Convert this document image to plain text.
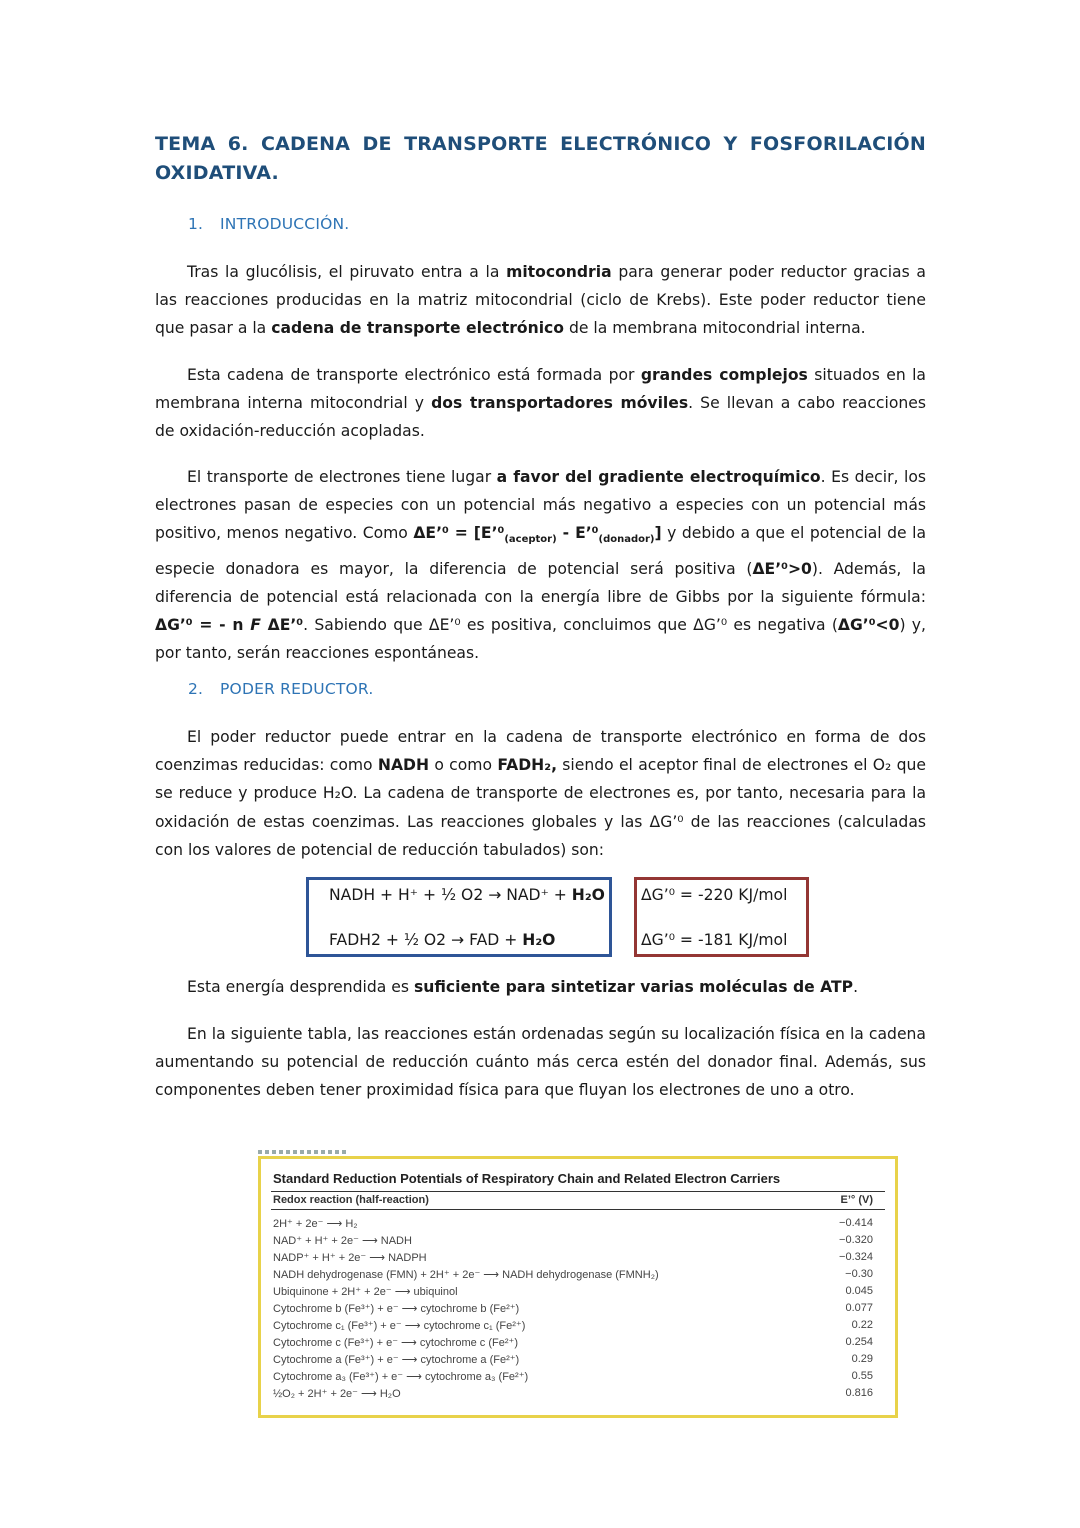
TEMA 6. CADENA DE TRANSPORTE ELECTRÓNICO Y FOSFORILACIÓN
OXIDATIVA.
1. INTRODUCCIÓN.
Tras la glucólisis, el piruvato entra a la mitocondria para generar poder reductor gracias a las reacciones producidas en la matriz mitocondrial (ciclo de Krebs). Este poder reductor tiene que pasar a la cadena de transporte electrónico de la membrana mitocondrial interna.
Esta cadena de transporte electrónico está formada por grandes complejos situados en la membrana interna mitocondrial y dos transportadores móviles. Se llevan a cabo reacciones de oxidación-reducción acopladas.
El transporte de electrones tiene lugar a favor del gradiente electroquímico. Es decir, los electrones pasan de especies con un potencial más negativo a especies con un potencial más positivo, menos negativo. Como ΔE’⁰ = [$E’^0_{(aceptor)}$ - $E’^0_{(donador)}$] y debido a que el potencial de la especie donadora es mayor, la diferencia de potencial será positiva (ΔE’⁰>0). Además, la diferencia de potencial está relacionada con la energía libre de Gibbs por la siguiente fórmula: ΔG’⁰ = - n F ΔE’⁰. Sabiendo que ΔE’⁰ es positiva, concluimos que ΔG’⁰ es negativa (ΔG’⁰<0) y, por tanto, serán reacciones espontáneas.
2. PODER REDUCTOR.
El poder reductor puede entrar en la cadena de transporte electrónico en forma de dos coenzimas reducidas: como NADH o como FADH₂, siendo el aceptor final de electrones el O₂ que se reduce y produce H₂O. La cadena de transporte de electrones es, por tanto, necesaria para la oxidación de estas coenzimas. Las reacciones globales y las ΔG’⁰ de las reacciones (calculadas con los valores de potencial de reducción tabulados) son:
NADH + H⁺ + ½ O2 → NAD⁺ + H₂O
FADH2 + ½ O2 → FAD + H₂O
ΔG’⁰ = -220 KJ/mol
ΔG’⁰ = -181 KJ/mol
Esta energía desprendida es suficiente para sintetizar varias moléculas de ATP.
En la siguiente tabla, las reacciones están ordenadas según su localización física en la cadena aumentando su potencial de reducción cuánto más cerca estén del donador final. Además, sus componentes deben tener proximidad física para que fluyan los electrones de uno a otro.
Standard Reduction Potentials of Respiratory Chain and Related Electron Carriers
Redox reaction (half-reaction)	E’° (V)
2H⁺ + 2e⁻ ⟶ H₂	−0.414
NAD⁺ + H⁺ + 2e⁻ ⟶ NADH	−0.320
NADP⁺ + H⁺ + 2e⁻ ⟶ NADPH	−0.324
NADH dehydrogenase (FMN) + 2H⁺ + 2e⁻ ⟶ NADH dehydrogenase (FMNH₂)	−0.30
Ubiquinone + 2H⁺ + 2e⁻ ⟶ ubiquinol	0.045
Cytochrome b (Fe³⁺) + e⁻ ⟶ cytochrome b (Fe²⁺)	0.077
Cytochrome c₁ (Fe³⁺) + e⁻ ⟶ cytochrome c₁ (Fe²⁺)	0.22
Cytochrome c (Fe³⁺) + e⁻ ⟶ cytochrome c (Fe²⁺)	0.254
Cytochrome a (Fe³⁺) + e⁻ ⟶ cytochrome a (Fe²⁺)	0.29
Cytochrome a₃ (Fe³⁺) + e⁻ ⟶ cytochrome a₃ (Fe²⁺)	0.55
½O₂ + 2H⁺ + 2e⁻ ⟶ H₂O	0.816
